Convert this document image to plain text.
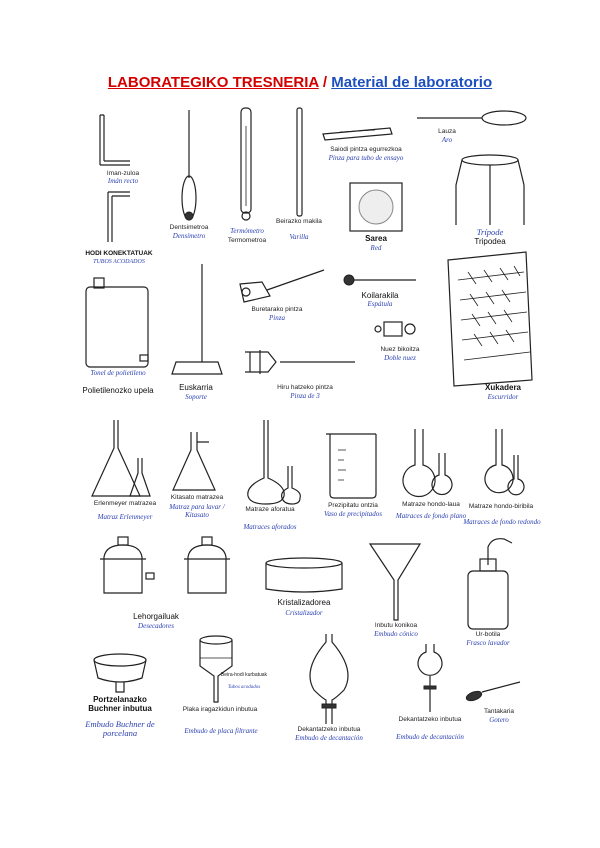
LABORATEGIKO TRESNERIA / Material de laboratorio
Iman-zuloa
Imán recto
HODI KONEKTATUAK
TUBOS ACODADOS
Dentsimetroa
Densímetro
Termómetro
Termometroa
Beirazko makila
Varilla
Saiodi pintza egurrezkoa
Pinza para tubo de ensayo
Lauza
Aro
Sarea
Red
Trípode
Tripodea
Tonel de polietileno
Polietilenozko upela	Euskarria
Soporte
Buretarako pintza
Pinza
Koilarakila
Espátula
Nuez bikoitza
Doble nuez
Hiru hatzeko pintza
Pinza de 3
Xukadera
Escurridor
Erlenmeyer matrazea
Matraz Erlenmeyer
Kitasato matrazea
Matraz para lavar / Kitasato
Matraze aforatua
Matraces aforados
Prezipitatu ontzia
Vaso de precipitados
Matraze hondo-laua
Matraces de fondo plano
Matraze hondo-biribila
Matraces de fondo redondo
Lehorgailuak
Desecadores
Kristalizadorea
Cristalizador
Inbutu konikoa
Embudo cónico	Ur-botila
Frasco lavador
Portzelanazko Buchner inbutua
Embudo Buchner de porcelana
Plaka iragazkidun inbutua
Embudo de placa filtrante
Beira-hodi kurbatuak
Tubos acodados
Dekantatzeko inbutua
Embudo de decantación
Dekantatzeko inbutua
Embudo de decantación
Tantakaria
Gotero
